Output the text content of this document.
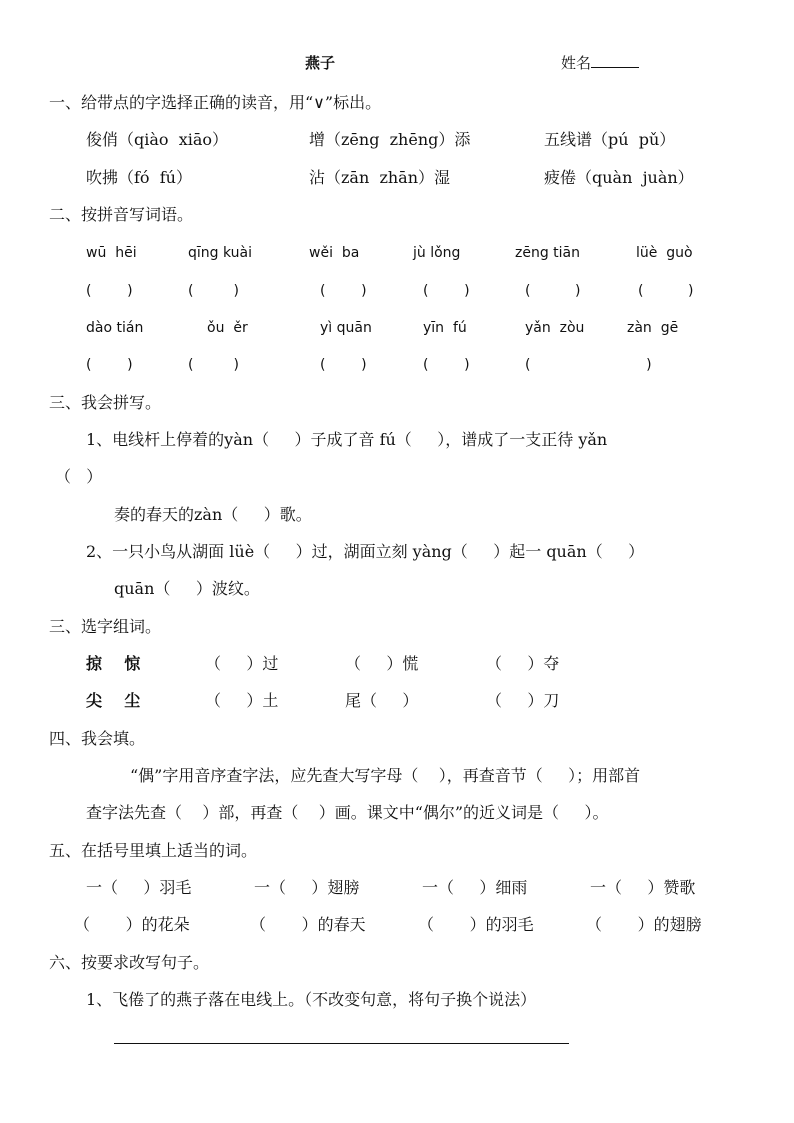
燕子	姓名
一、给带点的字选择正确的读音，用“∨”标出。
俊俏（qiào  xiāo）	增（zēng  zhēng）添	五线谱（pú  pǔ）
吹拂（fó  fú）	沾（zān  zhān）湿	疲倦（quàn  juàn）
二、按拼音写词语。
wū  hēi	qīng kuài	wěi  ba	jù lǒng	zēng tiān	lüè  guò
(        )	(         )	(        )	(        )	(          )	(          )
dào tián	ǒu  ěr	yì quān	yīn  fú	yǎn  zòu	zàn  gē
(        )	(         )	(        )	(        )	(                          )
三、我会拼写。
1、电线杆上停着的yàn（     ）子成了音 fú（     ），谱成了一支正待 yǎn
（   ）
奏的春天的zàn（     ）歌。
2、一只小鸟从湖面 lüè（     ）过，湖面立刻 yàng（     ）起一 quān（     ）
quān（     ）波纹。
三、选字组词。
掠    惊	（     ）过	（     ）慌	（     ）夺
尖    尘	（     ）土	尾（     ）	（     ）刀
四、我会填。
“偶”字用音序查字法，应先查大写字母（    ），再查音节（     ）；用部首
查字法先查（    ）部，再查（    ）画。课文中“偶尔”的近义词是（     ）。
五、在括号里填上适当的词。
一（     ）羽毛	一（     ）翅膀	一（     ）细雨	一（     ）赞歌
（       ）的花朵	（       ）的春天	（       ）的羽毛	（       ）的翅膀
六、按要求改写句子。
1、飞倦了的燕子落在电线上。（不改变句意，将句子换个说法）
